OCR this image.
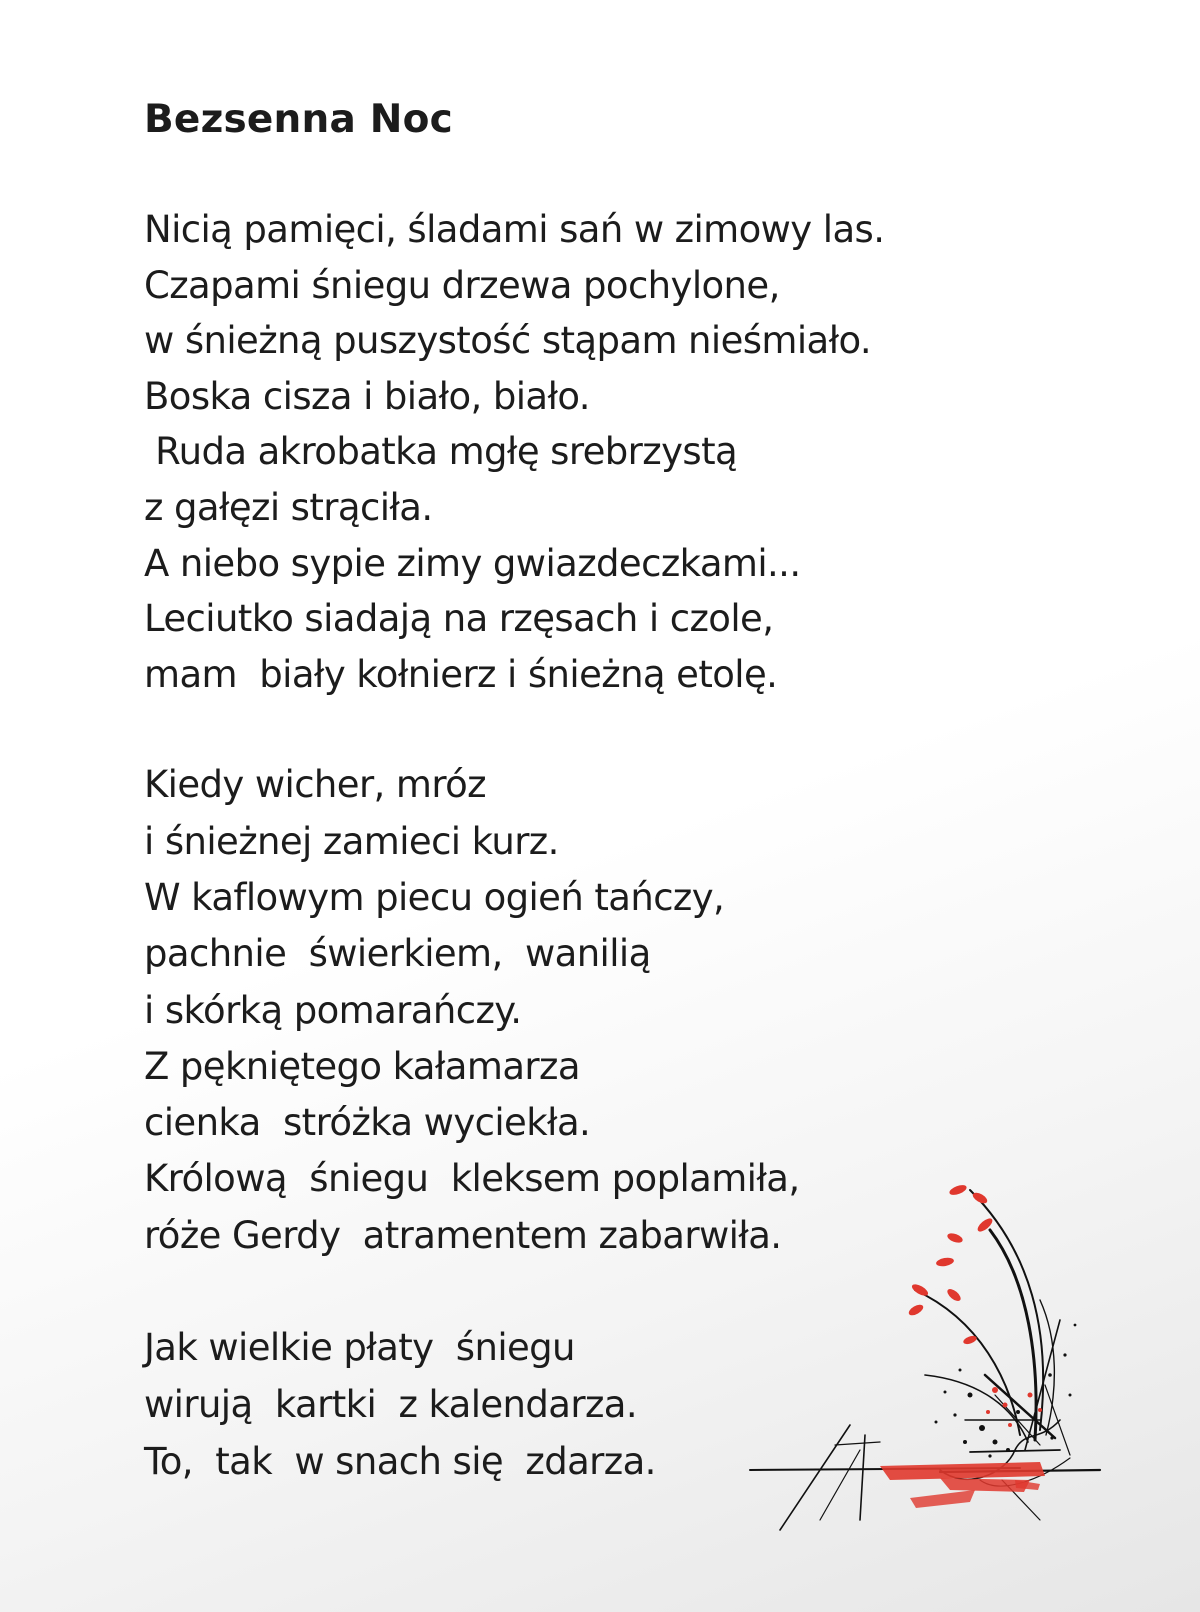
Bezsenna Noc
Nicią pamięci, śladami sań w zimowy las.
Czapami śniegu drzewa pochylone,
w śnieżną puszystość stąpam nieśmiało.
Boska cisza i biało, biało.
Ruda akrobatka mgłę srebrzystą
z gałęzi strąciła.
A niebo sypie zimy gwiazdeczkami...
Leciutko siadają na rzęsach i czole,
mam  biały kołnierz i śnieżną etolę.
Kiedy wicher, mróz
i śnieżnej zamieci kurz.
W kaflowym piecu ogień tańczy,
pachnie  świerkiem,  wanilią
i skórką pomarańczy.
Z pękniętego kałamarza
cienka  stróżka wyciekła.
Królową  śniegu  kleksem poplamiła,
róże Gerdy  atramentem zabarwiła.
Jak wielkie płaty  śniegu
wirują  kartki  z kalendarza.
To,  tak  w snach się  zdarza.
